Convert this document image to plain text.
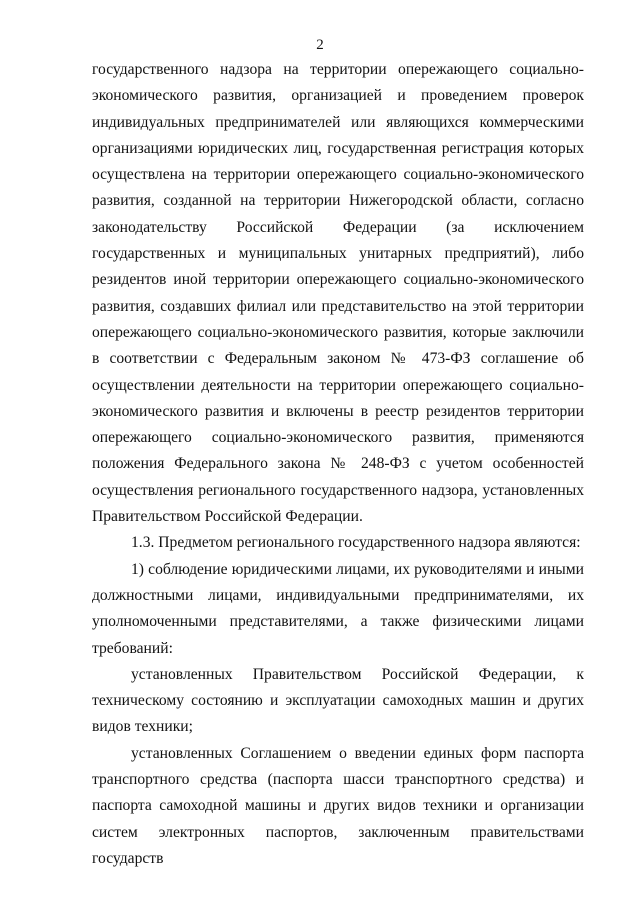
2

государственного надзора на территории опережающего социально-экономического развития, организацией и проведением проверок индивидуальных предпринимателей или являющихся коммерческими организациями юридических лиц, государственная регистрация которых осуществлена на территории опережающего социально-экономического развития, созданной на территории Нижегородской области, согласно законодательству Российской Федерации (за исключением государственных и муниципальных унитарных предприятий), либо резидентов иной территории опережающего социально-экономического развития, создавших филиал или представительство на этой территории опережающего социально-экономического развития, которые заключили в соответствии с Федеральным законом № 473-ФЗ соглашение об осуществлении деятельности на территории опережающего социально-экономического развития и включены в реестр резидентов территории опережающего социально-экономического развития, применяются положения Федерального закона № 248-ФЗ с учетом особенностей осуществления регионального государственного надзора, установленных Правительством Российской Федерации.

1.3. Предметом регионального государственного надзора являются:

1) соблюдение юридическими лицами, их руководителями и иными должностными лицами, индивидуальными предпринимателями, их уполномоченными представителями, а также физическими лицами требований:

установленных Правительством Российской Федерации, к техническому состоянию и эксплуатации самоходных машин и других видов техники;

установленных Соглашением о введении единых форм паспорта транспортного средства (паспорта шасси транспортного средства) и паспорта самоходной машины и других видов техники и организации систем электронных паспортов, заключенным правительствами государств
